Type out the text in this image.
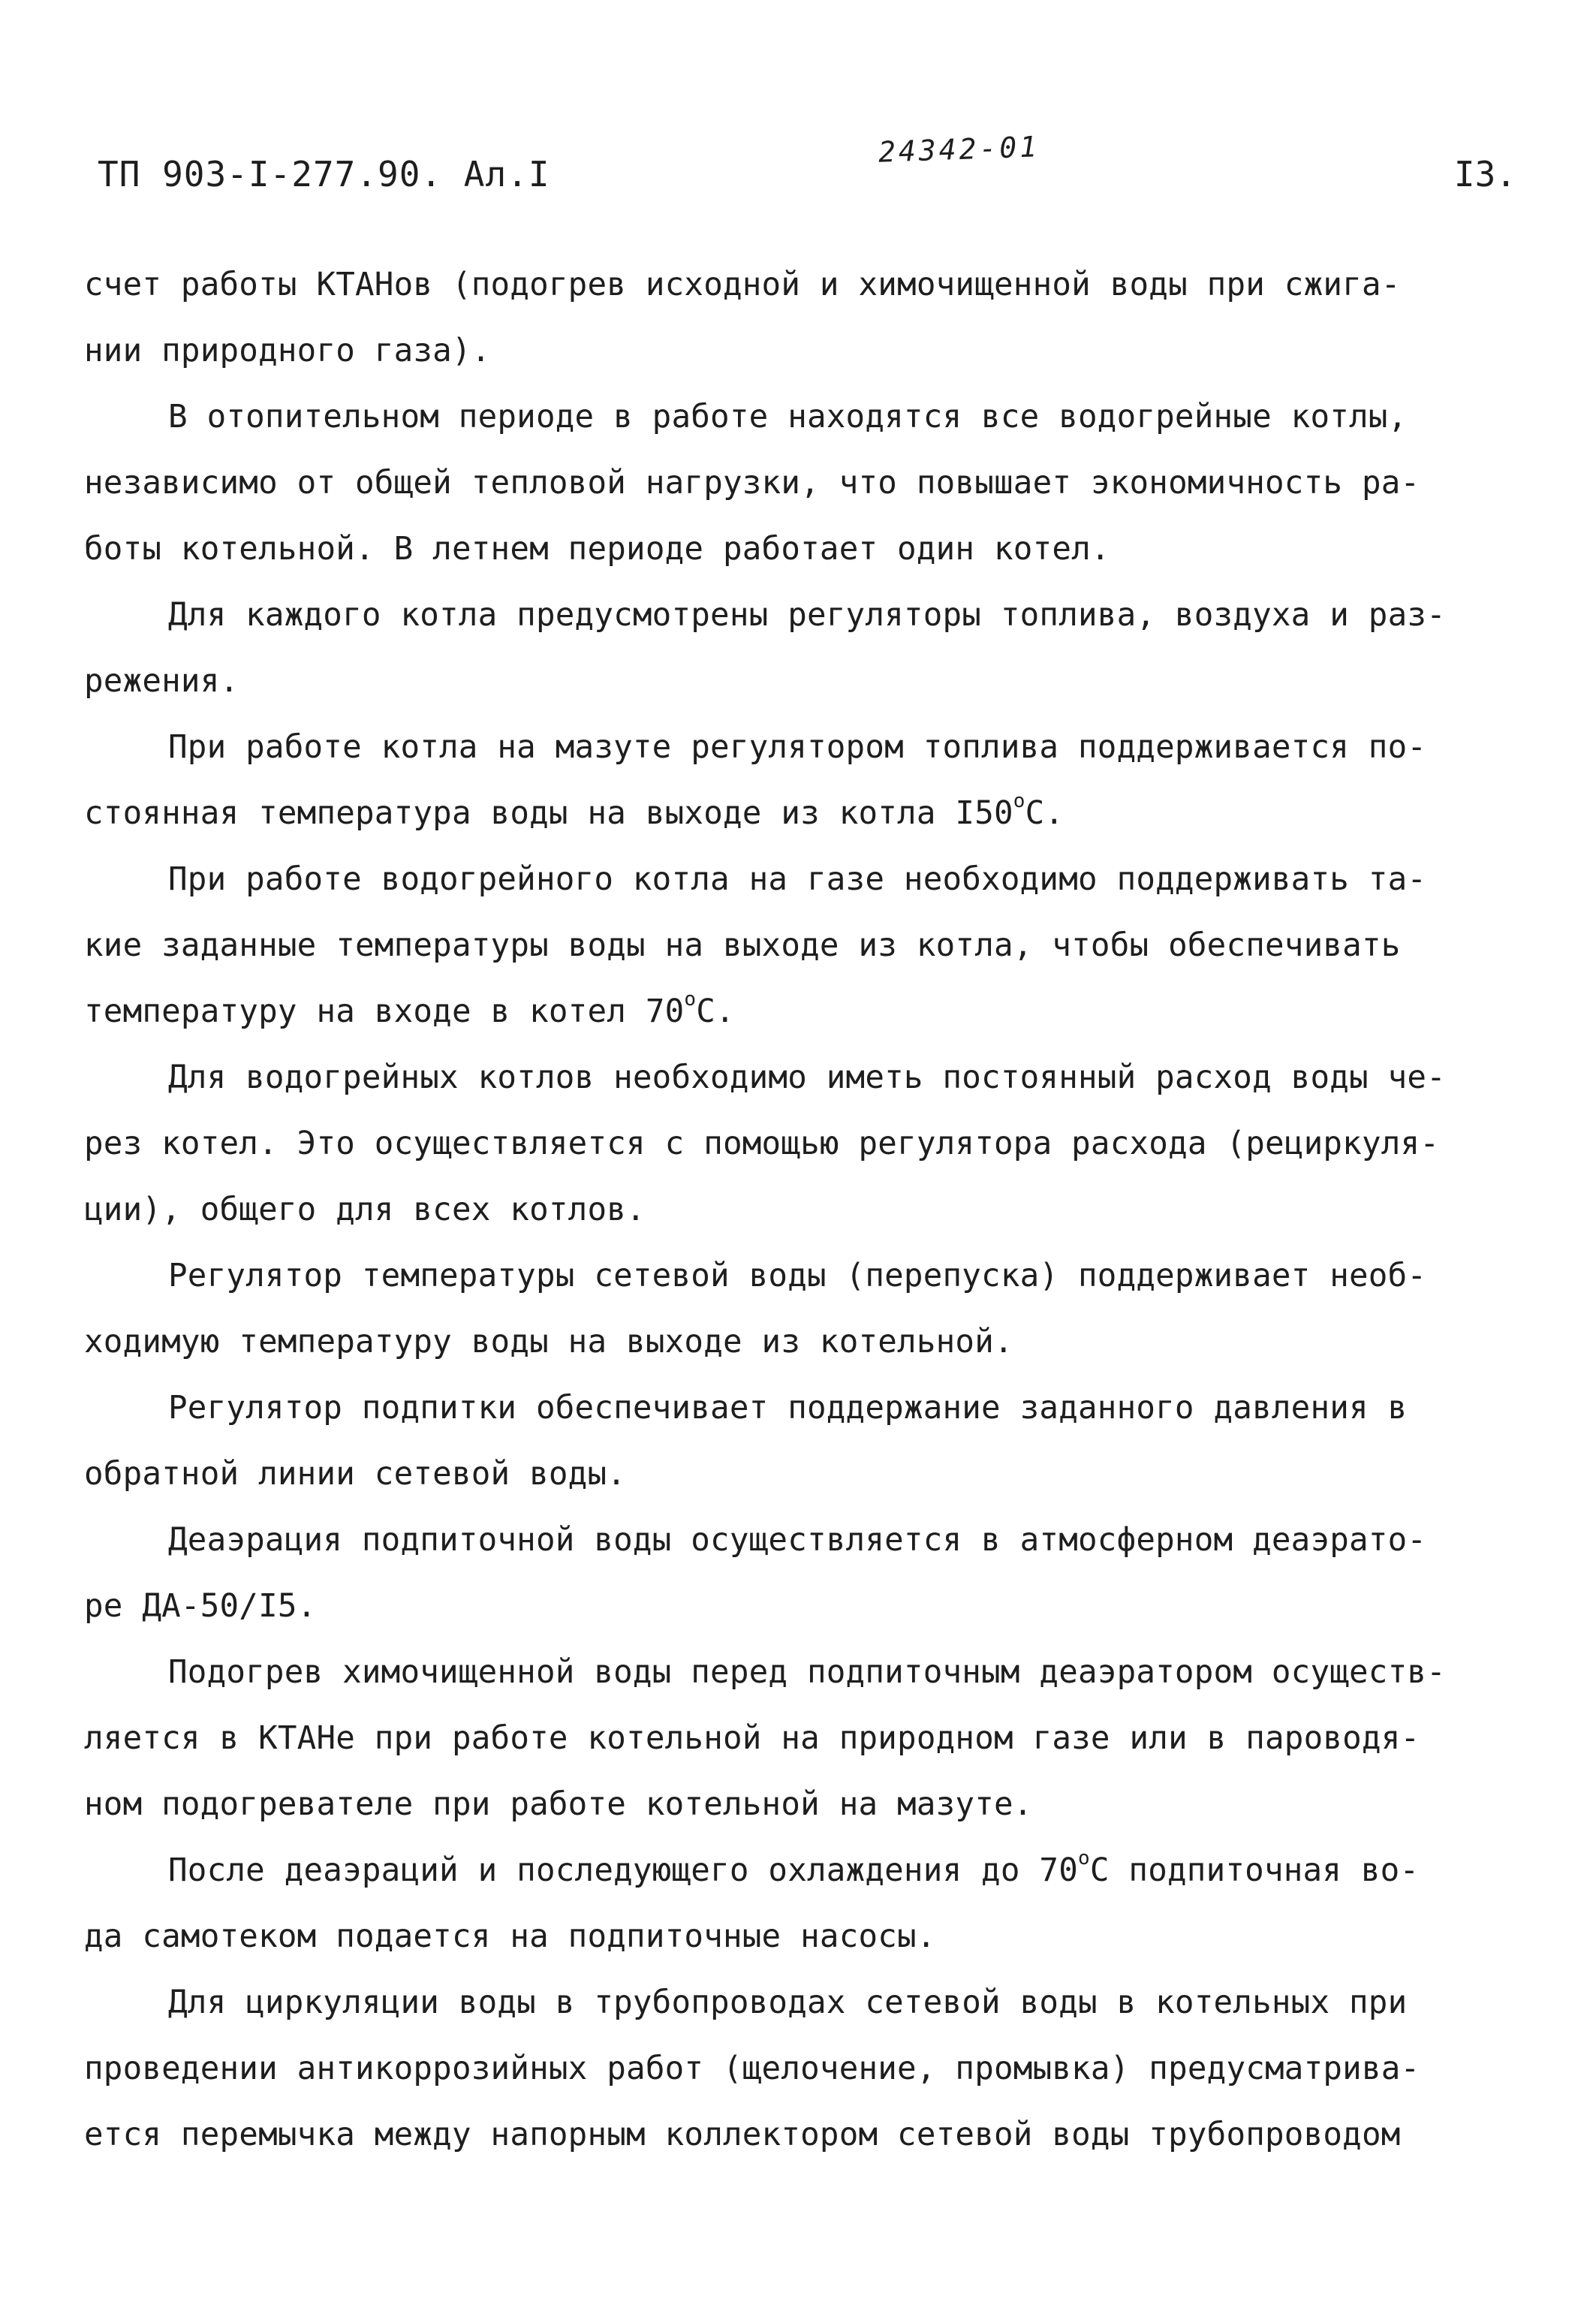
ТП 903-I-277.90. Ал.I
24342-01
I3.
счет работы КТАНов (подогрев исходной и химочищенной воды при сжига-
нии природного газа).
В отопительном периоде в работе находятся все водогрейные котлы,
независимо от общей тепловой нагрузки, что повышает экономичность ра-
боты котельной. В летнем периоде работает один котел.
Для каждого котла предусмотрены регуляторы топлива, воздуха и раз-
режения.
При работе котла на мазуте регулятором топлива поддерживается по-
стоянная температура воды на выходе из котла I50$^o$С.
При работе водогрейного котла на газе необходимо поддерживать та-
кие заданные температуры воды на выходе из котла, чтобы обеспечивать
температуру на входе в котел 70$^o$С.
Для водогрейных котлов необходимо иметь постоянный расход воды че-
рез котел. Это осуществляется с помощью регулятора расхода (рециркуля-
ции), общего для всех котлов.
Регулятор температуры сетевой воды (перепуска) поддерживает необ-
ходимую температуру воды на выходе из котельной.
Регулятор подпитки обеспечивает поддержание заданного давления в
обратной линии сетевой воды.
Деаэрация подпиточной воды осуществляется в атмосферном деаэрато-
ре ДА-50/I5.
Подогрев химочищенной воды перед подпиточным деаэратором осуществ-
ляется в КТАНе при работе котельной на природном газе или в пароводя-
ном подогревателе при работе котельной на мазуте.
После деаэраций и последующего охлаждения до 70$^o$С подпиточная во-
да самотеком подается на подпиточные насосы.
Для циркуляции воды в трубопроводах сетевой воды в котельных при
проведении антикоррозийных работ (щелочение, промывка) предусматрива-
ется перемычка между напорным коллектором сетевой воды трубопроводом
